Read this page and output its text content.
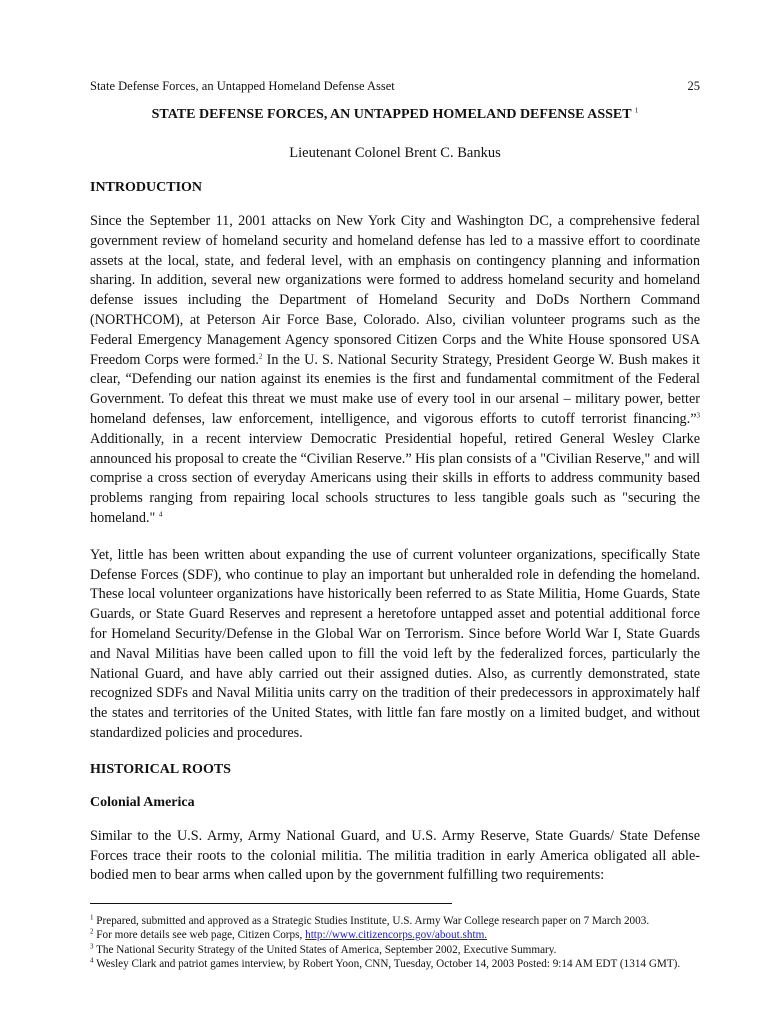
State Defense Forces, an Untapped Homeland Defense Asset	25
STATE DEFENSE FORCES, AN UNTAPPED HOMELAND DEFENSE ASSET $^1$
Lieutenant Colonel Brent C. Bankus
INTRODUCTION

Since the September 11, 2001 attacks on New York City and Washington DC, a comprehensive federal government review of homeland security and homeland defense has led to a massive effort to coordinate assets at the local, state, and federal level, with an emphasis on contingency planning and information sharing. In addition, several new organizations were formed to address homeland security and homeland defense issues including the Department of Homeland Security and DoDs Northern Command (NORTHCOM), at Peterson Air Force Base, Colorado. Also, civilian volunteer programs such as the Federal Emergency Management Agency sponsored Citizen Corps and the White House sponsored USA Freedom Corps were formed.$^2$ In the U. S. National Security Strategy, President George W. Bush makes it clear, “Defending our nation against its enemies is the first and fundamental commitment of the Federal Government. To defeat this threat we must make use of every tool in our arsenal – military power, better homeland defenses, law enforcement, intelligence, and vigorous efforts to cutoff terrorist financing.”$^3$ Additionally, in a recent interview Democratic Presidential hopeful, retired General Wesley Clarke announced his proposal to create the “Civilian Reserve.” His plan consists of a "Civilian Reserve," and will comprise a cross section of everyday Americans using their skills in efforts to address community based problems ranging from repairing local schools structures to less tangible goals such as "securing the homeland." $^4$

Yet, little has been written about expanding the use of current volunteer organizations, specifically State Defense Forces (SDF), who continue to play an important but unheralded role in defending the homeland. These local volunteer organizations have historically been referred to as State Militia, Home Guards, State Guards, or State Guard Reserves and represent a heretofore untapped asset and potential additional force for Homeland Security/Defense in the Global War on Terrorism. Since before World War I, State Guards and Naval Militias have been called upon to fill the void left by the federalized forces, particularly the National Guard, and have ably carried out their assigned duties. Also, as currently demonstrated, state recognized SDFs and Naval Militia units carry on the tradition of their predecessors in approximately half the states and territories of the United States, with little fan fare mostly on a limited budget, and without standardized policies and procedures.

HISTORICAL ROOTS
Colonial America

Similar to the U.S. Army, Army National Guard, and U.S. Army Reserve, State Guards/ State Defense Forces trace their roots to the colonial militia. The militia tradition in early America obligated all able-bodied men to bear arms when called upon by the government fulfilling two requirements:

$^1$ Prepared, submitted and approved as a Strategic Studies Institute, U.S. Army War College research paper on 7 March 2003.
$^2$ For more details see web page, Citizen Corps, http://www.citizencorps.gov/about.shtm.
$^3$ The National Security Strategy of the United States of America, September 2002, Executive Summary.
$^4$ Wesley Clark and patriot games interview, by Robert Yoon, CNN, Tuesday, October 14, 2003 Posted: 9:14 AM EDT (1314 GMT).
